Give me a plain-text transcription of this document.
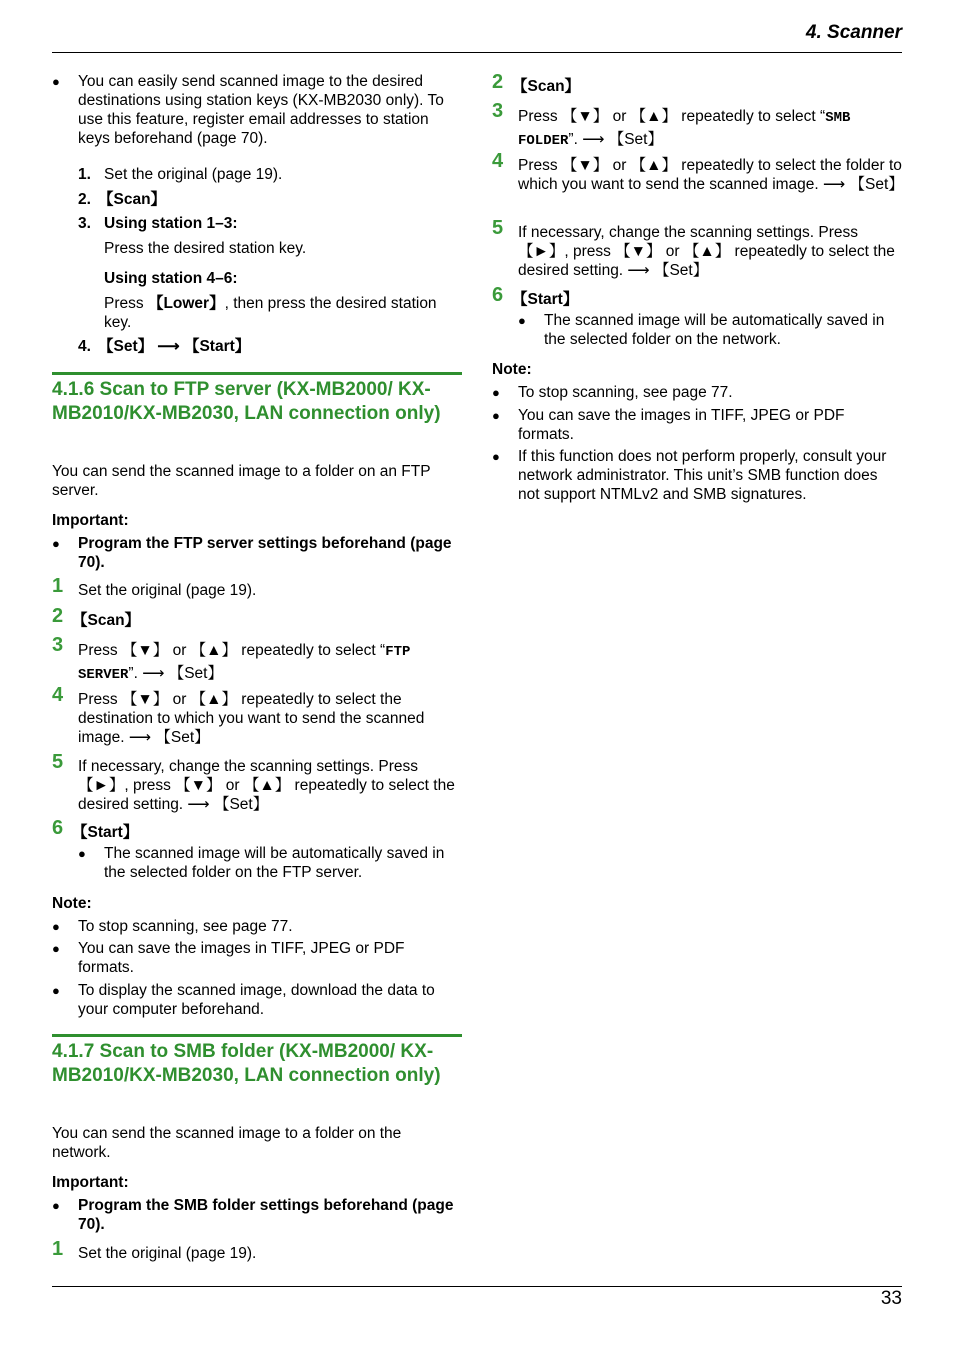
4. Scanner
● You can easily send scanned image to the desired destinations using station keys (KX-MB2030 only). To use this feature, register email addresses to station keys beforehand (page 70).
1. Set the original (page 19).
2. 【Scan】
3. Using station 1–3:
Press the desired station key.
Using station 4–6:
Press 【Lower】, then press the desired station key.
4. 【Set】 ⟶ 【Start】
4.1.6 Scan to FTP server (KX-MB2000/ KX-MB2010/KX-MB2030, LAN connection only)
You can send the scanned image to a folder on an FTP server.
Important:
● Program the FTP server settings beforehand (page 70).
1 Set the original (page 19).
2 【Scan】
3 Press 【▼】 or 【▲】 repeatedly to select “FTP SERVER”. ⟶ 【Set】
4 Press 【▼】 or 【▲】 repeatedly to select the destination to which you want to send the scanned image. ⟶ 【Set】
5 If necessary, change the scanning settings. Press 【►】, press 【▼】 or 【▲】 repeatedly to select the desired setting. ⟶ 【Set】
6 【Start】
● The scanned image will be automatically saved in the selected folder on the FTP server.
Note:
● To stop scanning, see page 77.
● You can save the images in TIFF, JPEG or PDF formats.
● To display the scanned image, download the data to your computer beforehand.
4.1.7 Scan to SMB folder (KX-MB2000/ KX-MB2010/KX-MB2030, LAN connection only)
You can send the scanned image to a folder on the network.
Important:
● Program the SMB folder settings beforehand (page 70).
1 Set the original (page 19).
2 【Scan】
3 Press 【▼】 or 【▲】 repeatedly to select “SMB FOLDER”. ⟶ 【Set】
4 Press 【▼】 or 【▲】 repeatedly to select the folder to which you want to send the scanned image. ⟶ 【Set】
5 If necessary, change the scanning settings. Press 【►】, press 【▼】 or 【▲】 repeatedly to select the desired setting. ⟶ 【Set】
6 【Start】
● The scanned image will be automatically saved in the selected folder on the network.
Note:
● To stop scanning, see page 77.
● You can save the images in TIFF, JPEG or PDF formats.
● If this function does not perform properly, consult your network administrator. This unit’s SMB function does not support NTMLv2 and SMB signatures.
33
